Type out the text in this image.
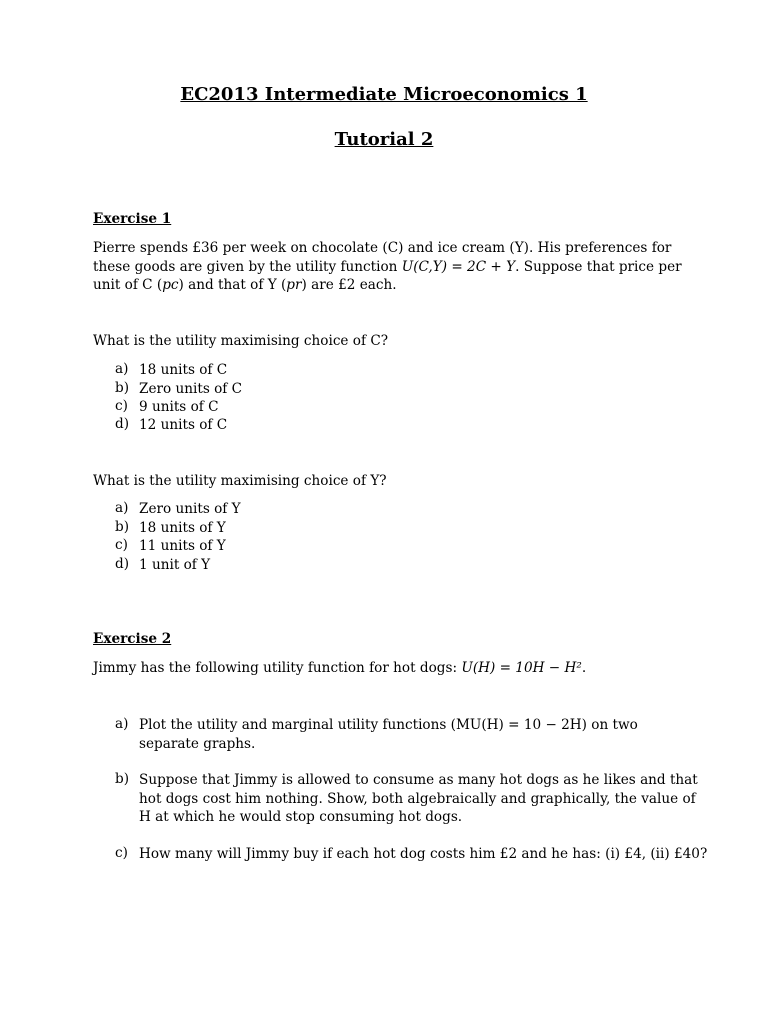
EC2013 Intermediate Microeconomics 1
Tutorial 2
Exercise 1
Pierre spends £36 per week on chocolate (C) and ice cream (Y). His preferences for
these goods are given by the utility function U(C,Y) = 2C + Y. Suppose that price per
unit of C (pc) and that of Y (pr) are £2 each.
What is the utility maximising choice of C?
a) 18 units of C
b) Zero units of C
c) 9 units of C
d) 12 units of C
What is the utility maximising choice of Y?
a) Zero units of Y
b) 18 units of Y
c) 11 units of Y
d) 1 unit of Y
Exercise 2
Jimmy has the following utility function for hot dogs: U(H) = 10H − H².
a) Plot the utility and marginal utility functions (MU(H) = 10 − 2H) on two
separate graphs.
b) Suppose that Jimmy is allowed to consume as many hot dogs as he likes and that
hot dogs cost him nothing. Show, both algebraically and graphically, the value of
H at which he would stop consuming hot dogs.
c) How many will Jimmy buy if each hot dog costs him £2 and he has: (i) £4, (ii) £40?
